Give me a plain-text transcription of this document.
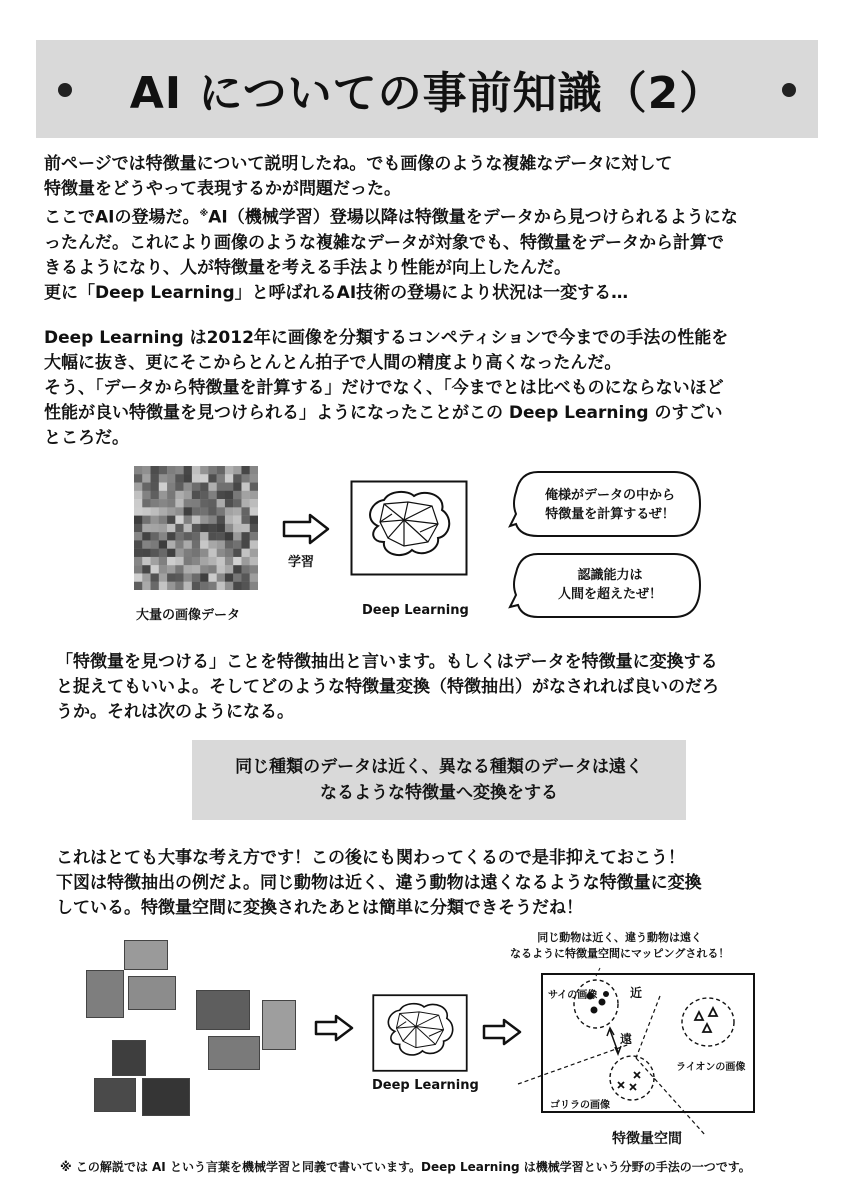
AI についての事前知識（2）
前ページでは特徴量について説明したね。でも画像のような複雑なデータに対して
特徴量をどうやって表現するかが問題だった。
ここでAIの登場だ。※AI（機械学習）登場以降は特徴量をデータから見つけられるようにな
ったんだ。これにより画像のような複雑なデータが対象でも、特徴量をデータから計算で
きるようになり、人が特徴量を考える手法より性能が向上したんだ。
更に「Deep Learning」と呼ばれるAI技術の登場により状況は一変する…
Deep Learning は2012年に画像を分類するコンペティションで今までの手法の性能を
大幅に抜き、更にそこからとんとん拍子で人間の精度より高くなったんだ。
そう、「データから特徴量を計算する」だけでなく、「今までとは比べものにならないほど
性能が良い特徴量を見つけられる」ようになったことがこの Deep Learning のすごい
ところだ。
学習
大量の画像データ	Deep Learning
俺様がデータの中から
特徴量を計算するぜ！
認識能力は
人間を超えたぜ！
「特徴量を見つける」ことを特徴抽出と言います。もしくはデータを特徴量に変換する
と捉えてもいいよ。そしてどのような特徴量変換（特徴抽出）がなされれば良いのだろ
うか。それは次のようになる。
同じ種類のデータは近く、異なる種類のデータは遠く
なるような特徴量へ変換をする
これはとても大事な考え方です！この後にも関わってくるので是非抑えておこう！
下図は特徴抽出の例だよ。同じ動物は近く、違う動物は遠くなるような特徴量に変換
している。特徴量空間に変換されたあとは簡単に分類できそうだね！
Deep Learning
同じ動物は近く、違う動物は遠く
なるように特徴量空間にマッピングされる！
サイの画像	近
遠
ライオンの画像
ゴリラの画像
特徴量空間
※ この解説では AI という言葉を機械学習と同義で書いています。Deep Learning は機械学習という分野の手法の一つです。
